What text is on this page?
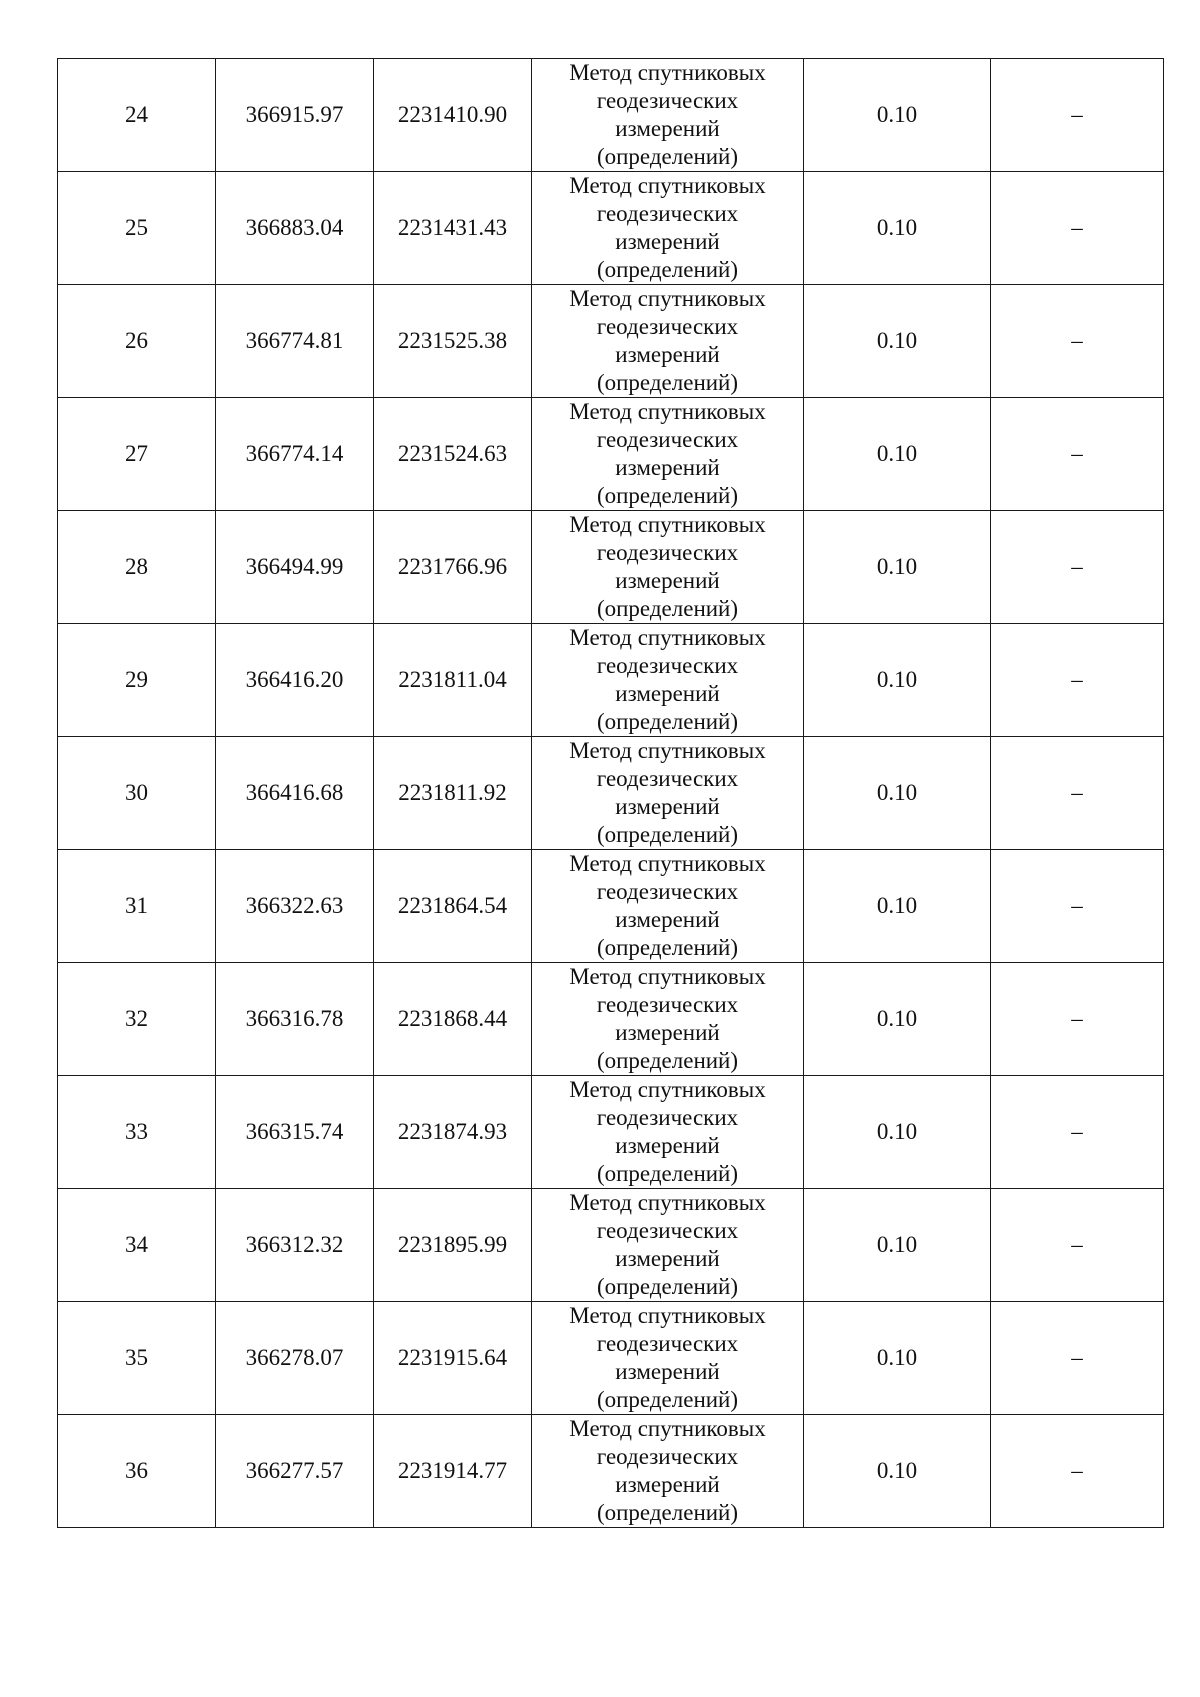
24	366915.97	2231410.90	Метод спутниковых
геодезических
измерений
(определений)	0.10	–
25	366883.04	2231431.43	Метод спутниковых
геодезических
измерений
(определений)	0.10	–
26	366774.81	2231525.38	Метод спутниковых
геодезических
измерений
(определений)	0.10	–
27	366774.14	2231524.63	Метод спутниковых
геодезических
измерений
(определений)	0.10	–
28	366494.99	2231766.96	Метод спутниковых
геодезических
измерений
(определений)	0.10	–
29	366416.20	2231811.04	Метод спутниковых
геодезических
измерений
(определений)	0.10	–
30	366416.68	2231811.92	Метод спутниковых
геодезических
измерений
(определений)	0.10	–
31	366322.63	2231864.54	Метод спутниковых
геодезических
измерений
(определений)	0.10	–
32	366316.78	2231868.44	Метод спутниковых
геодезических
измерений
(определений)	0.10	–
33	366315.74	2231874.93	Метод спутниковых
геодезических
измерений
(определений)	0.10	–
34	366312.32	2231895.99	Метод спутниковых
геодезических
измерений
(определений)	0.10	–
35	366278.07	2231915.64	Метод спутниковых
геодезических
измерений
(определений)	0.10	–
36	366277.57	2231914.77	Метод спутниковых
геодезических
измерений
(определений)	0.10	–
